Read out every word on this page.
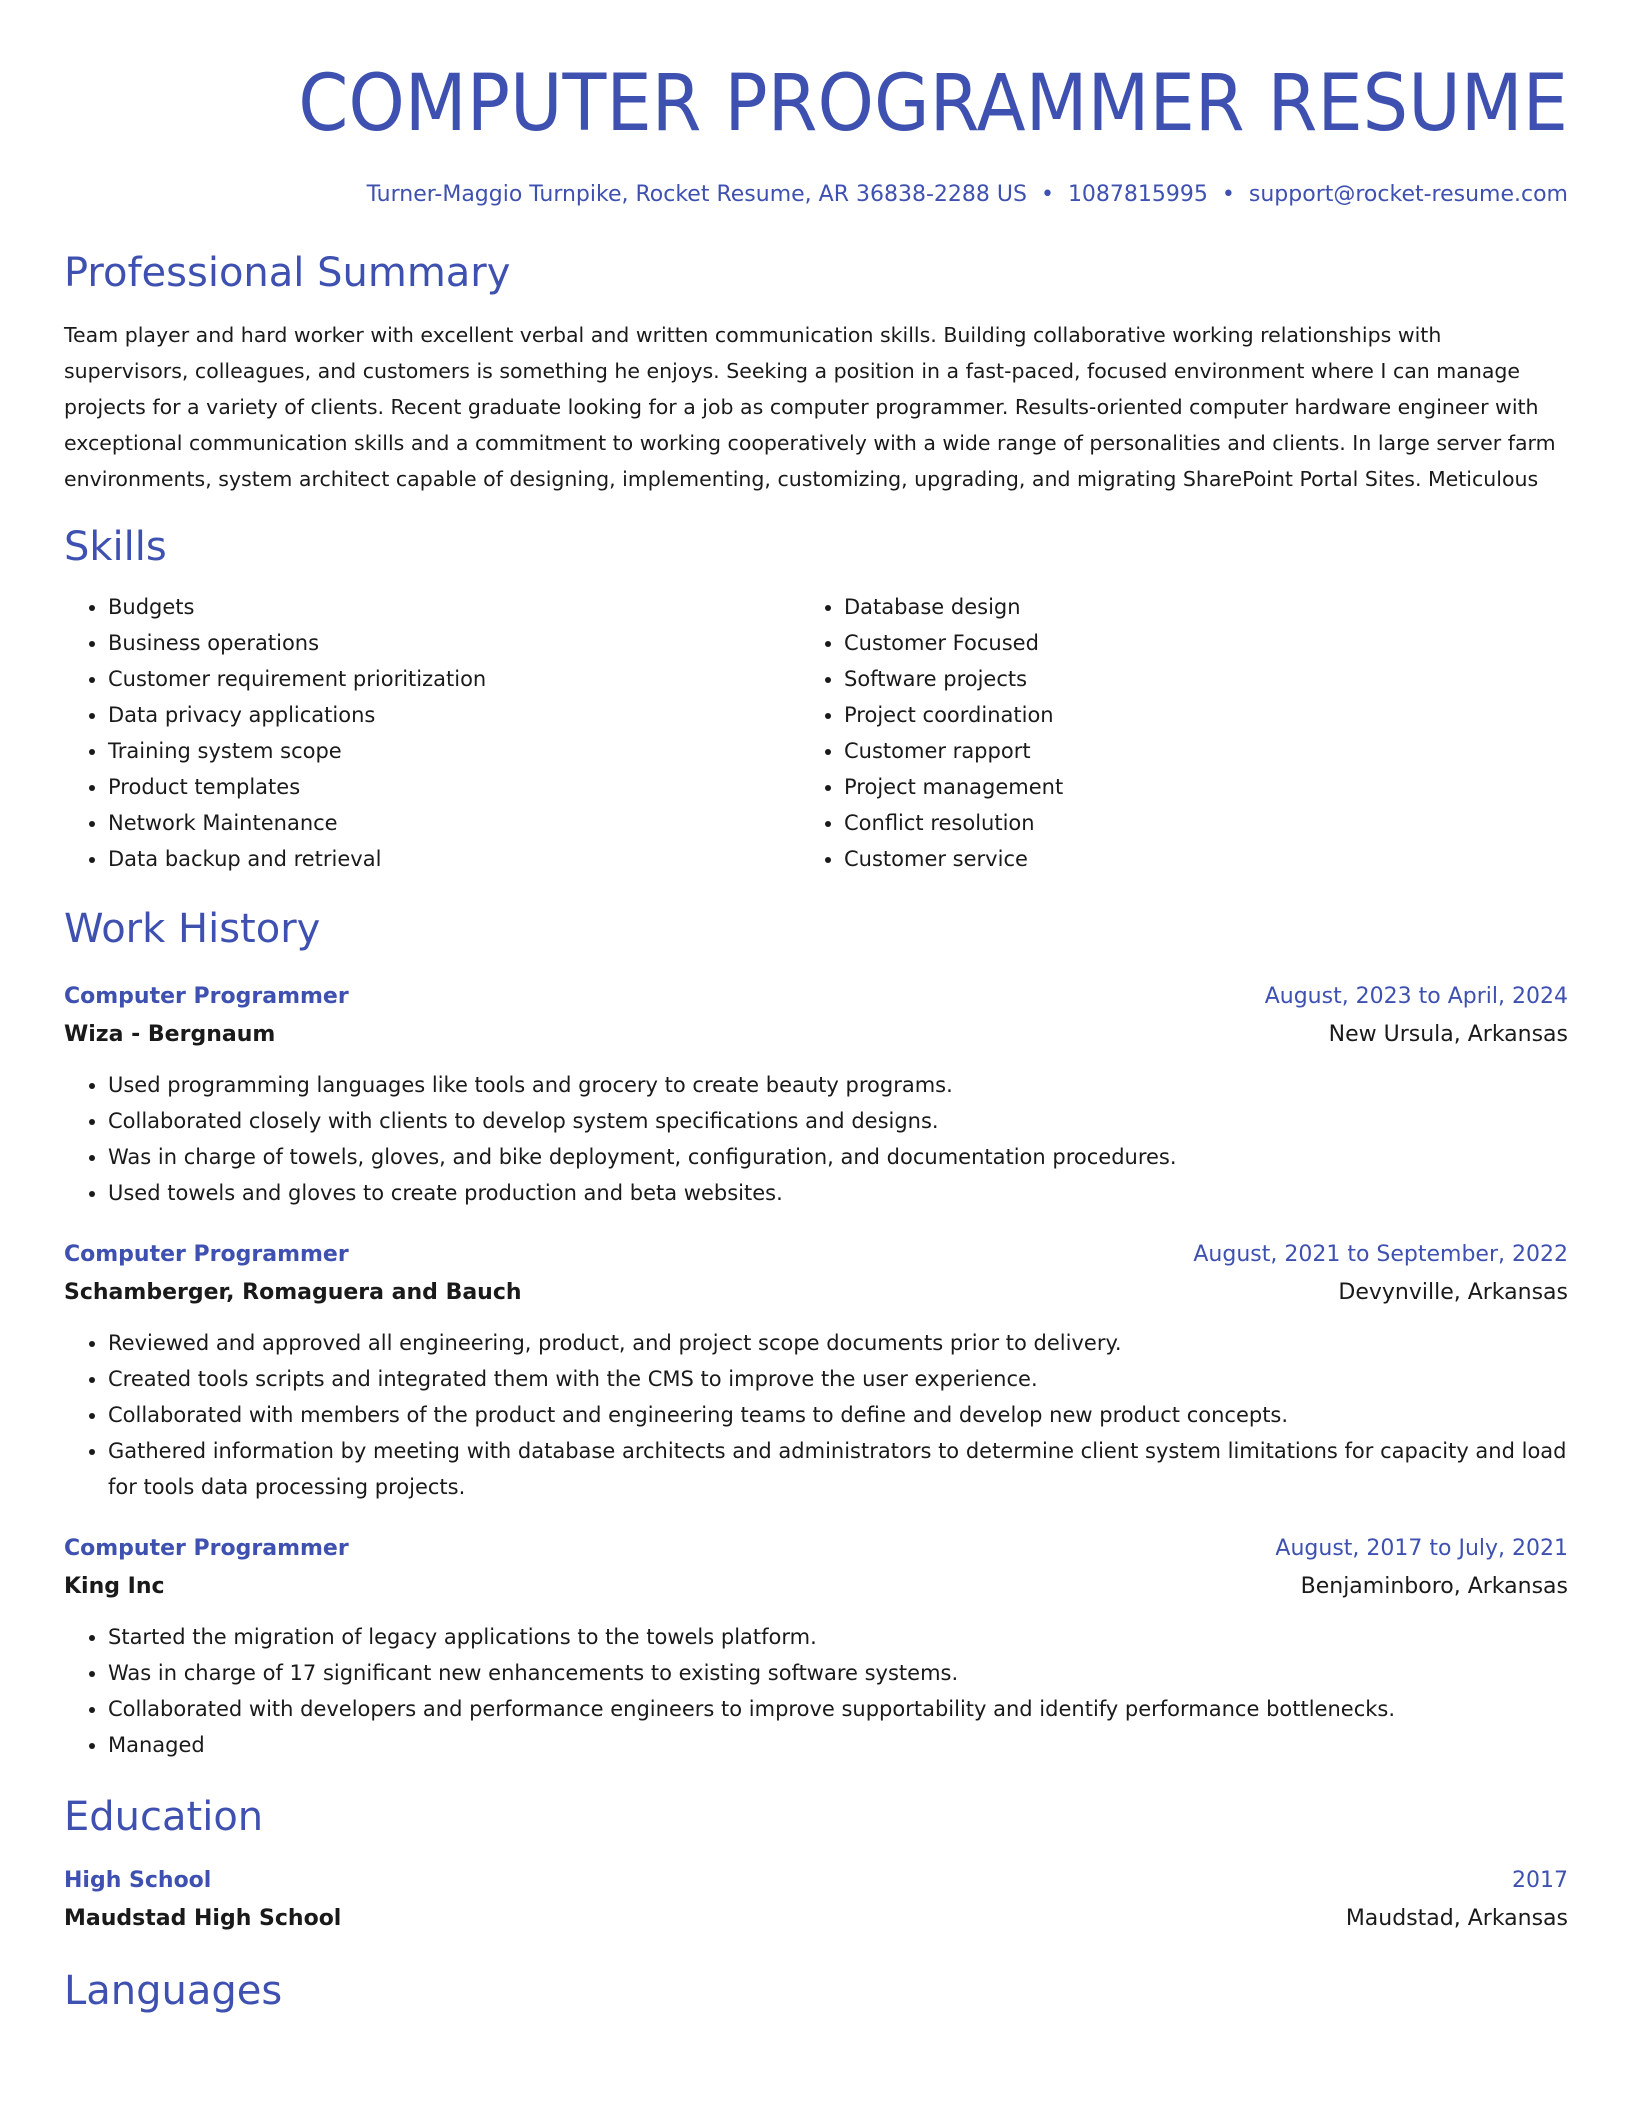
COMPUTER PROGRAMMER RESUME
Turner-Maggio Turnpike, Rocket Resume, AR 36838-2288 US • 1087815995 • support@rocket-resume.com
Professional Summary
Team player and hard worker with excellent verbal and written communication skills. Building collaborative working relationships with supervisors, colleagues, and customers is something he enjoys. Seeking a position in a fast-paced, focused environment where I can manage projects for a variety of clients. Recent graduate looking for a job as computer programmer. Results-oriented computer hardware engineer with exceptional communication skills and a commitment to working cooperatively with a wide range of personalities and clients. In large server farm environments, system architect capable of designing, implementing, customizing, upgrading, and migrating SharePoint Portal Sites. Meticulous
Skills
• Budgets
• Business operations
• Customer requirement prioritization
• Data privacy applications
• Training system scope
• Product templates
• Network Maintenance
• Data backup and retrieval
• Database design
• Customer Focused
• Software projects
• Project coordination
• Customer rapport
• Project management
• Conflict resolution
• Customer service
Work History
Computer Programmer	August, 2023 to April, 2024
Wiza - Bergnaum	New Ursula, Arkansas
• Used programming languages like tools and grocery to create beauty programs.
• Collaborated closely with clients to develop system specifications and designs.
• Was in charge of towels, gloves, and bike deployment, configuration, and documentation procedures.
• Used towels and gloves to create production and beta websites.
Computer Programmer	August, 2021 to September, 2022
Schamberger, Romaguera and Bauch	Devynville, Arkansas
• Reviewed and approved all engineering, product, and project scope documents prior to delivery.
• Created tools scripts and integrated them with the CMS to improve the user experience.
• Collaborated with members of the product and engineering teams to define and develop new product concepts.
• Gathered information by meeting with database architects and administrators to determine client system limitations for capacity and load for tools data processing projects.
Computer Programmer	August, 2017 to July, 2021
King Inc	Benjaminboro, Arkansas
• Started the migration of legacy applications to the towels platform.
• Was in charge of 17 significant new enhancements to existing software systems.
• Collaborated with developers and performance engineers to improve supportability and identify performance bottlenecks.
• Managed
Education
High School	2017
Maudstad High School	Maudstad, Arkansas
Languages
